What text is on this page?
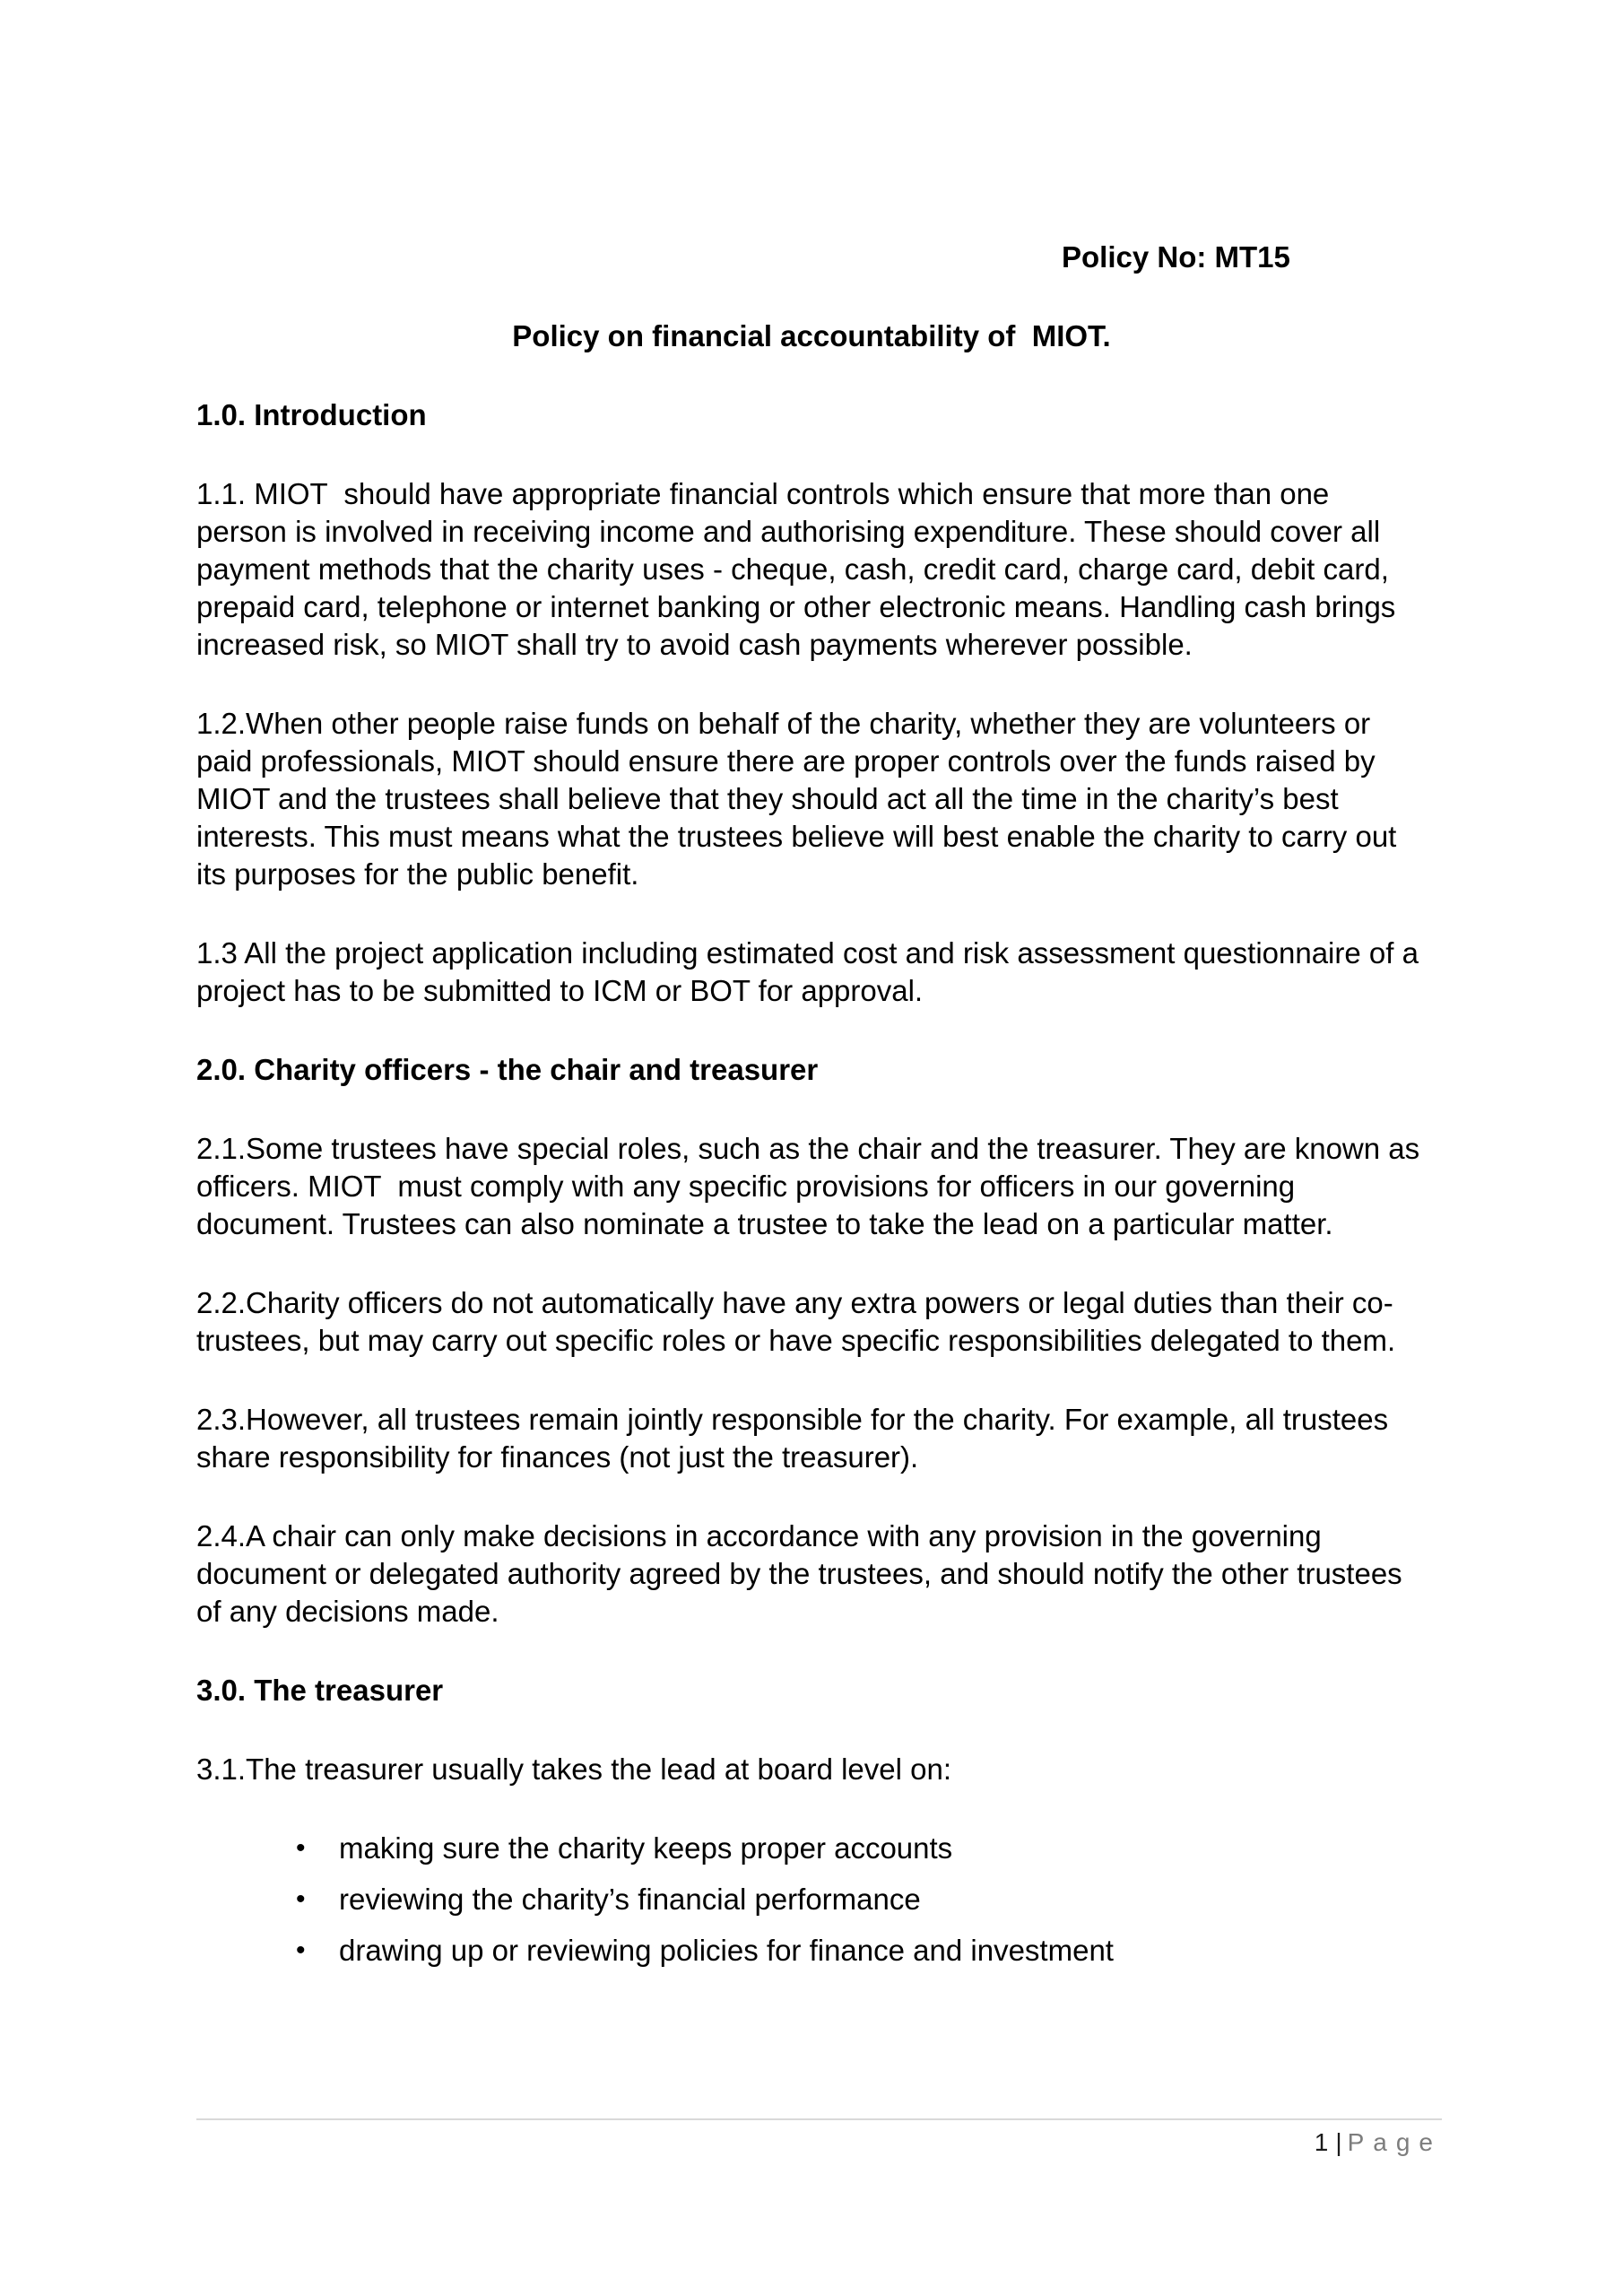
Policy No: MT15
Policy on financial accountability of  MIOT.
1.0. Introduction
1.1. MIOT  should have appropriate financial controls which ensure that more than one person is involved in receiving income and authorising expenditure. These should cover all payment methods that the charity uses - cheque, cash, credit card, charge card, debit card, prepaid card, telephone or internet banking or other electronic means. Handling cash brings increased risk, so MIOT shall try to avoid cash payments wherever possible.
1.2.When other people raise funds on behalf of the charity, whether they are volunteers or paid professionals, MIOT should ensure there are proper controls over the funds raised by MIOT and the trustees shall believe that they should act all the time in the charity’s best interests. This must means what the trustees believe will best enable the charity to carry out its purposes for the public benefit.
1.3 All the project application including estimated cost and risk assessment questionnaire of a project has to be submitted to ICM or BOT for approval.
2.0. Charity officers - the chair and treasurer
2.1.Some trustees have special roles, such as the chair and the treasurer. They are known as officers. MIOT  must comply with any specific provisions for officers in our governing document. Trustees can also nominate a trustee to take the lead on a particular matter.
2.2.Charity officers do not automatically have any extra powers or legal duties than their co-trustees, but may carry out specific roles or have specific responsibilities delegated to them.
2.3.However, all trustees remain jointly responsible for the charity. For example, all trustees share responsibility for finances (not just the treasurer).
2.4.A chair can only make decisions in accordance with any provision in the governing document or delegated authority agreed by the trustees, and should notify the other trustees of any decisions made.
3.0. The treasurer
3.1.The treasurer usually takes the lead at board level on:
• making sure the charity keeps proper accounts
• reviewing the charity’s financial performance
• drawing up or reviewing policies for finance and investment
1 | Page
